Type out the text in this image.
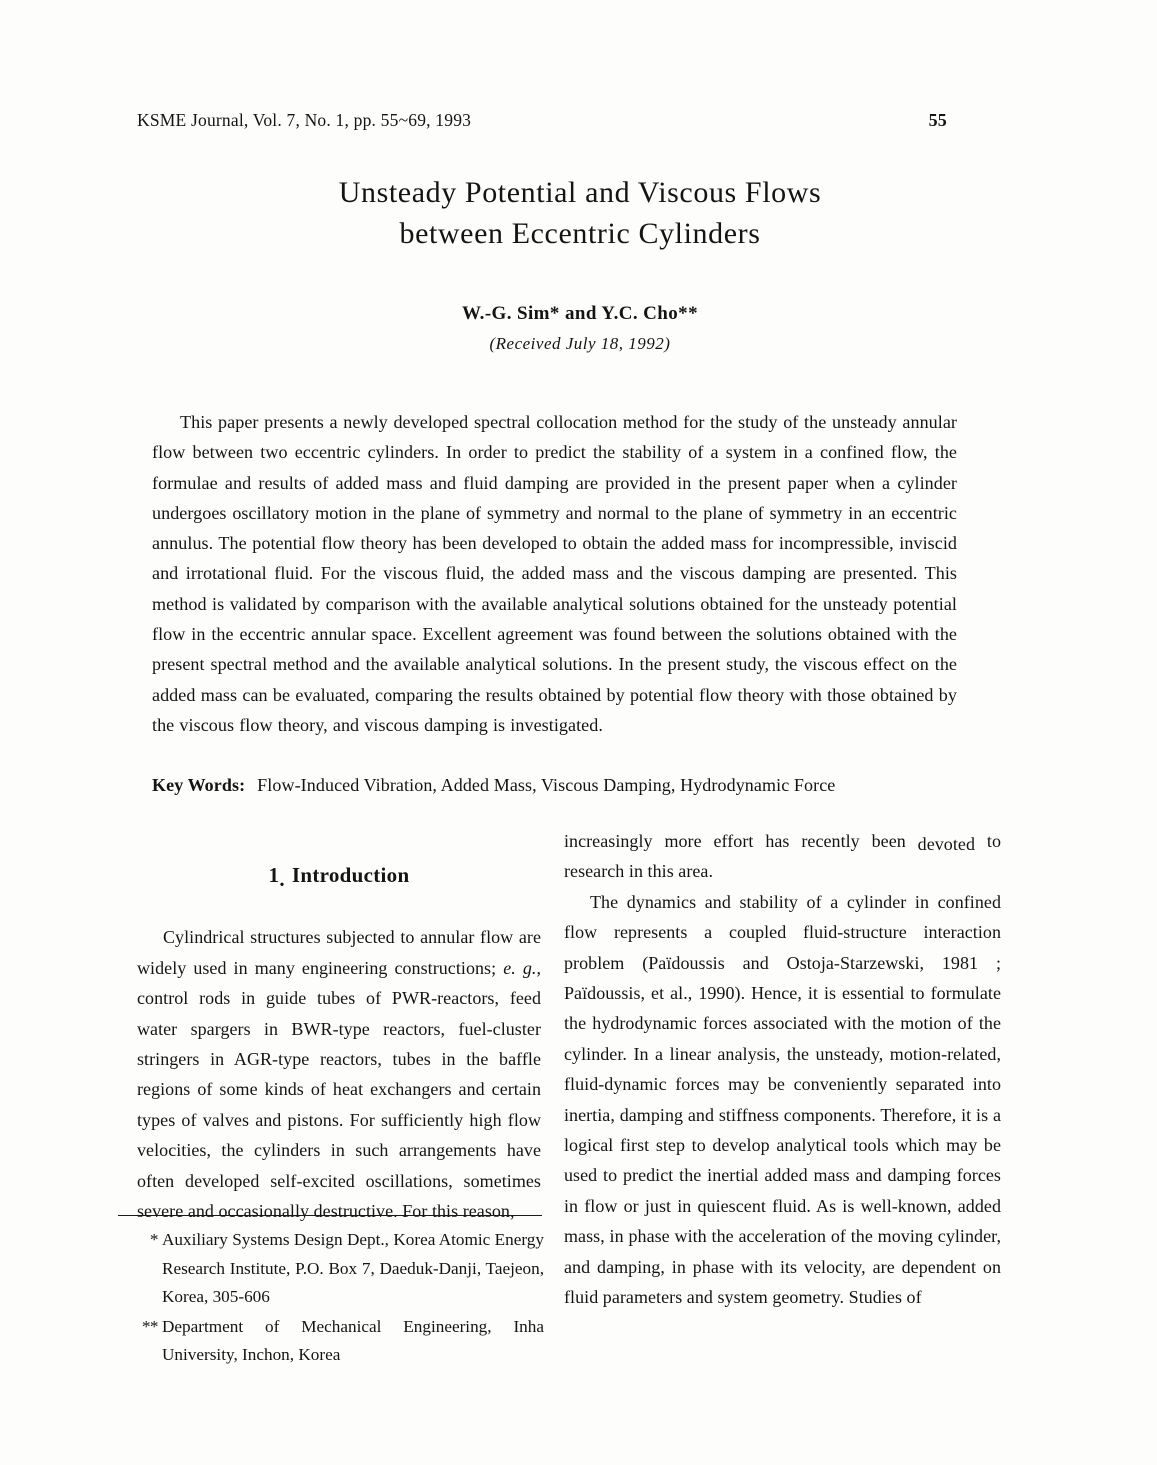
KSME Journal, Vol. 7, No. 1, pp. 55~69, 1993	55
Unsteady Potential and Viscous Flows
between Eccentric Cylinders
W.-G. Sim* and Y.C. Cho**
(Received July 18, 1992)
This paper presents a newly developed spectral collocation method for the study of the unsteady annular flow between two eccentric cylinders. In order to predict the stability of a system in a confined flow, the formulae and results of added mass and fluid damping are provided in the present paper when a cylinder undergoes oscillatory motion in the plane of symmetry and normal to the plane of symmetry in an eccentric annulus. The potential flow theory has been developed to obtain the added mass for incompressible, inviscid and irrotational fluid. For the viscous fluid, the added mass and the viscous damping are presented. This method is validated by comparison with the available analytical solutions obtained for the unsteady potential flow in the eccentric annular space. Excellent agreement was found between the solutions obtained with the present spectral method and the available analytical solutions. In the present study, the viscous effect on the added mass can be evaluated, comparing the results obtained by potential flow theory with those obtained by the viscous flow theory, and viscous damping is investigated.
Key Words: Flow-Induced Vibration, Added Mass, Viscous Damping, Hydrodynamic Force
1. Introduction

Cylindrical structures subjected to annular flow are widely used in many engineering constructions; e. g., control rods in guide tubes of PWR-reactors, feed water spargers in BWR-type reactors, fuel-cluster stringers in AGR-type reactors, tubes in the baffle regions of some kinds of heat exchangers and certain types of valves and pistons. For sufficiently high flow velocities, the cylinders in such arrangements have often developed self-excited oscillations, sometimes severe and occasionally destructive. For this reason,

increasingly more effort has recently been devoted to research in this area.

The dynamics and stability of a cylinder in confined flow represents a coupled fluid-structure interaction problem (Païdoussis and Ostoja-Starzewski, 1981 ; Païdoussis, et al., 1990). Hence, it is essential to formulate the hydrodynamic forces associated with the motion of the cylinder. In a linear analysis, the unsteady, motion-related, fluid-dynamic forces may be conveniently separated into inertia, damping and stiffness components. Therefore, it is a logical first step to develop analytical tools which may be used to predict the inertial added mass and damping forces in flow or just in quiescent fluid. As is well-known, added mass, in phase with the acceleration of the moving cylinder, and damping, in phase with its velocity, are dependent on fluid parameters and system geometry. Studies of

* Auxiliary Systems Design Dept., Korea Atomic Energy Research Institute, P.O. Box 7, Daeduk-Danji, Taejeon, Korea, 305-606

** Department of Mechanical Engineering, Inha University, Inchon, Korea
